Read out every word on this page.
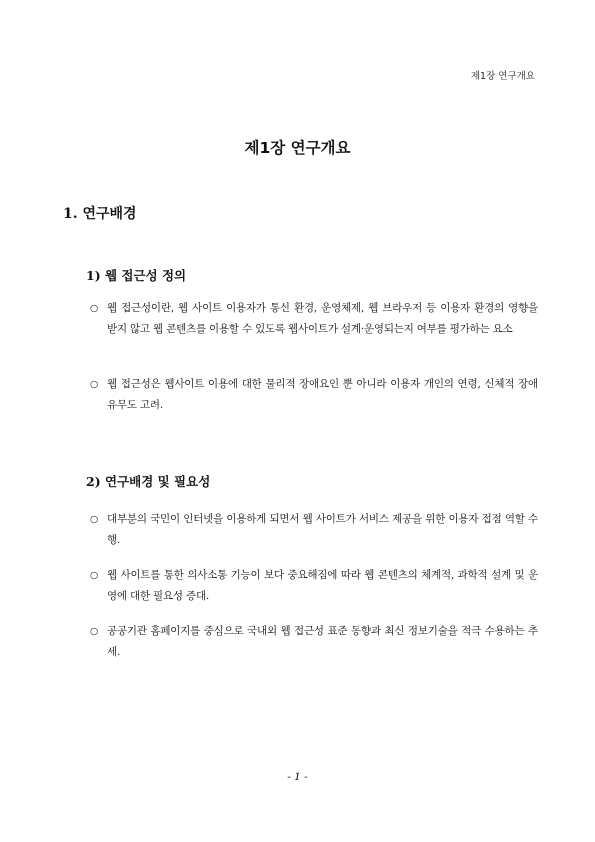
제1장 연구개요
제1장 연구개요
1. 연구배경
1) 웹 접근성 정의
○ 웹 접근성이란, 웹 사이트 이용자가 통신 환경, 운영체제, 웹 브라우저 등 이용자 환경의 영향을 받지 않고 웹 콘텐츠를 이용할 수 있도록 웹사이트가 설계·운영되는지 여부를 평가하는 요소
○ 웹 접근성은 웹사이트 이용에 대한 물리적 장애요인 뿐 아니라 이용자 개인의 연령, 신체적 장애유무도 고려.
2) 연구배경 및 필요성
○ 대부분의 국민이 인터넷을 이용하게 되면서 웹 사이트가 서비스 제공을 위한 이용자 접점 역할 수행.
○ 웹 사이트를 통한 의사소통 기능이 보다 중요해짐에 따라 웹 콘텐츠의 체계적, 과학적 설계 및 운영에 대한 필요성 증대.
○ 공공기관 홈페이지를 중심으로 국내외 웹 접근성 표준 동향과 최신 정보기술을 적극 수용하는 추세.
- 1 -
